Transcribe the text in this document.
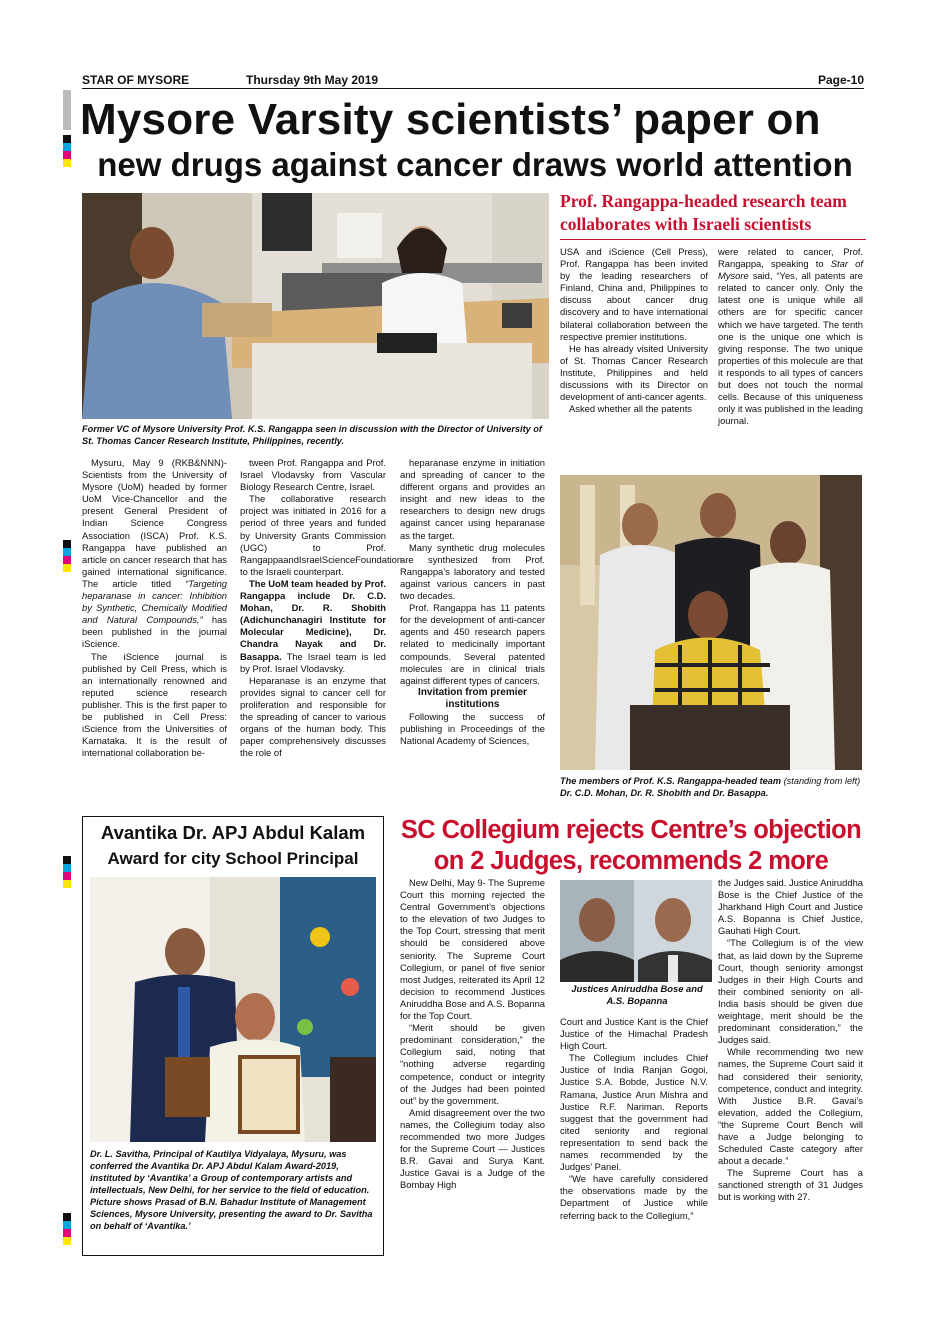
STAR OF MYSORE	Thursday 9th May 2019	Page-10
Mysore Varsity scientists’ paper on
new drugs against cancer draws world attention
Former VC of Mysore University Prof. K.S. Rangappa seen in discussion with the Director of University of St. Thomas Cancer Research Institute, Philippines, recently.
Prof. Rangappa-headed research team
collaborates with Israeli scientists

Mysuru, May 9 (RKB&NNN)- Scientists from the University of Mysore (UoM) headed by former UoM Vice-Chancellor and the present General President of Indian Science Congress Association (ISCA) Prof. K.S. Rangappa have published an article on cancer research that has gained international significance. The article titled “Targeting heparanase in cancer: Inhibition by Synthetic, Chemically Modified and Natural Compounds,” has been published in the journal iScience.

The iScience journal is published by Cell Press, which is an internationally renowned and reputed science research publisher. This is the first paper to be published in Cell Press: iScience from the Universities of Karnataka. It is the result of international collaboration be-

tween Prof. Rangappa and Prof. Israel Vlodavsky from Vascular Biology Research Centre, Israel.

The collaborative research project was initiated in 2016 for a period of three years and funded by University Grants Commission (UGC) to Prof. RangappaandIsraelScienceFoundation to the Israeli counterpart.

The UoM team headed by Prof. Rangappa include Dr. C.D. Mohan, Dr. R. Shobith (Adichunchanagiri Institute for Molecular Medicine), Dr. Chandra Nayak and Dr. Basappa. The Israel team is led by Prof. Israel Vlodavsky.

Heparanase is an enzyme that provides signal to cancer cell for proliferation and responsible for the spreading of cancer to various organs of the human body. This paper comprehensively discusses the role of

heparanase enzyme in initiation and spreading of cancer to the different organs and provides an insight and new ideas to the researchers to design new drugs against cancer using heparanase as the target.

Many synthetic drug molecules are synthesized from Prof. Rangappa’s laboratory and tested against various cancers in past two decades.

Prof. Rangappa has 11 patents for the development of anti-cancer agents and 450 research papers related to medicinally important compounds. Several patented molecules are in clinical trials against different types of cancers.

Invitation from premier institutions

Following the success of publishing in Proceedings of the National Academy of Sciences,

USA and iScience (Cell Press), Prof. Rangappa has been invited by the leading researchers of Finland, China and, Philippines to discuss about cancer drug discovery and to have international bilateral collaboration between the respective premier institutions.

He has already visited University of St. Thomas Cancer Research Institute, Philippines and held discussions with its Director on development of anti-cancer agents.

Asked whether all the patents

were related to cancer, Prof. Rangappa, speaking to Star of Mysore said, “Yes, all patents are related to cancer only. Only the latest one is unique while all others are for specific cancer which we have targeted. The tenth one is the unique one which is giving response. The two unique properties of this molecule are that it responds to all types of cancers but does not touch the normal cells. Because of this uniqueness only it was published in the leading journal.

The members of Prof. K.S. Rangappa-headed team (standing from left) Dr. C.D. Mohan, Dr. R. Shobith and Dr. Basappa.
Avantika Dr. APJ Abdul Kalam
Award for city School Principal
Dr. L. Savitha, Principal of Kautilya Vidyalaya, Mysuru, was conferred the Avantika Dr. APJ Abdul Kalam Award-2019, instituted by ‘Avantika’ a Group of contemporary artists and intellectuals, New Delhi, for her service to the field of education. Picture shows Prasad of B.N. Bahadur Institute of Management Sciences, Mysore University, presenting the award to Dr. Savitha on behalf of ‘Avantika.’
SC Collegium rejects Centre’s objection
on 2 Judges, recommends 2 more
Justices Aniruddha Bose and A.S. Bopanna

New Delhi, May 9- The Supreme Court this morning rejected the Central Government’s objections to the elevation of two Judges to the Top Court, stressing that merit should be considered above seniority. The Supreme Court Collegium, or panel of five senior most Judges, reiterated its April 12 decision to recommend Justices Aniruddha Bose and A.S. Bopanna for the Top Court.

“Merit should be given predominant consideration,” the Collegium said, noting that “nothing adverse regarding competence, conduct or integrity of the Judges had been pointed out” by the government.

Amid disagreement over the two names, the Collegium today also recommended two more Judges for the Supreme Court — Justices B.R. Gavai and Surya Kant. Justice Gavai is a Judge of the Bombay High

Court and Justice Kant is the Chief Justice of the Himachal Pradesh High Court.

The Collegium includes Chief Justice of India Ranjan Gogoi, Justice S.A. Bobde, Justice N.V. Ramana, Justice Arun Mishra and Justice R.F. Nariman. Reports suggest that the government had cited seniority and regional representation to send back the names recommended by the Judges’ Panel.

“We have carefully considered the observations made by the Department of Justice while referring back to the Collegium,”

the Judges said. Justice Aniruddha Bose is the Chief Justice of the Jharkhand High Court and Justice A.S. Bopanna is Chief Justice, Gauhati High Court.

“The Collegium is of the view that, as laid down by the Supreme Court, though seniority amongst Judges in their High Courts and their combined seniority on all-India basis should be given due weightage, merit should be the predominant consideration,” the Judges said.

While recommending two new names, the Supreme Court said it had considered their seniority, competence, conduct and integrity. With Justice B.R. Gavai’s elevation, added the Collegium, “the Supreme Court Bench will have a Judge belonging to Scheduled Caste category after about a decade.”

The Supreme Court has a sanctioned strength of 31 Judges but is working with 27.
